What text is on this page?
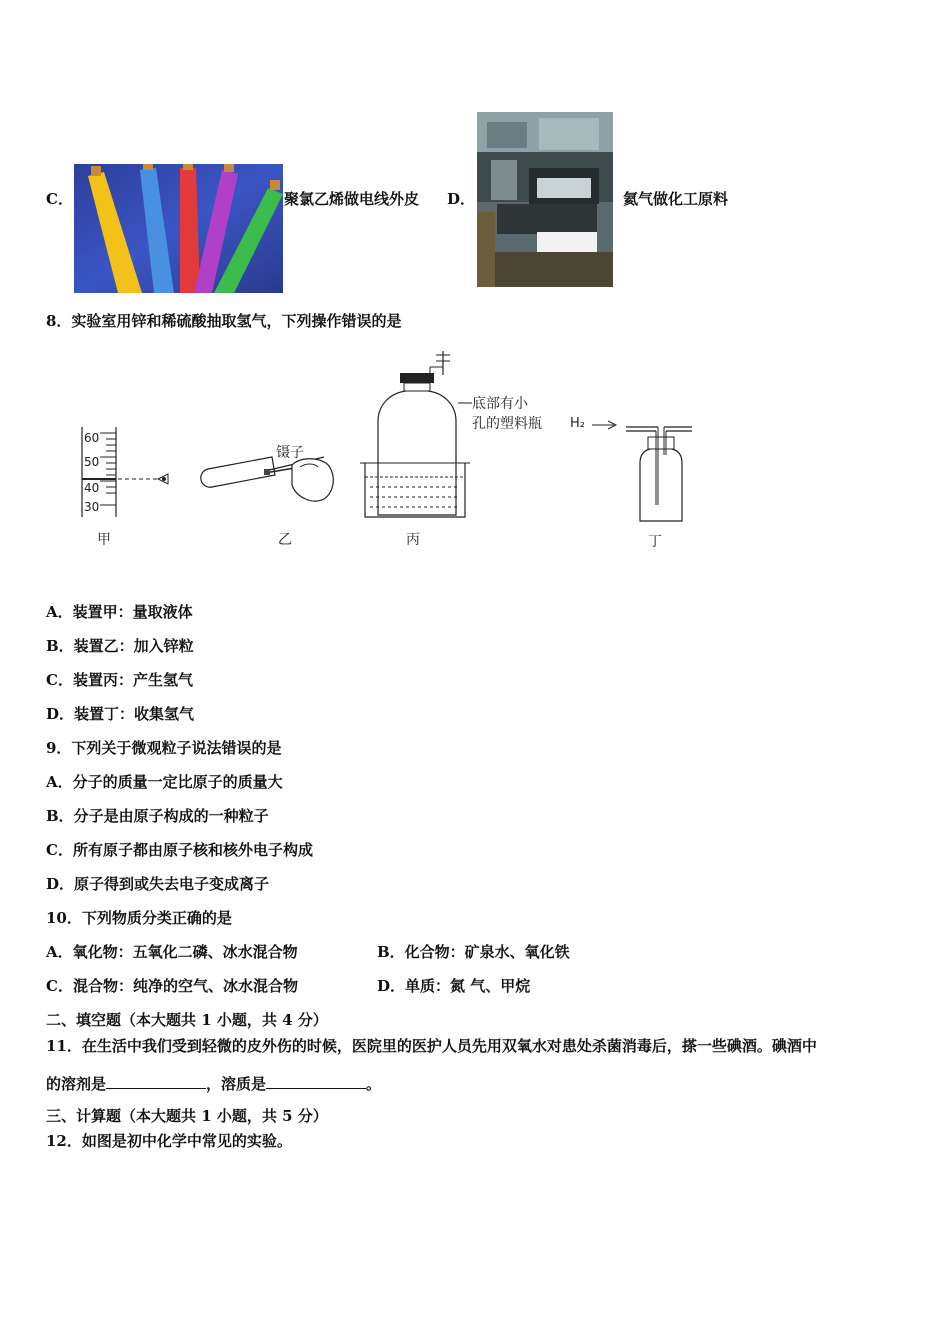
C．	聚氯乙烯做电线外皮 D．	氦气做化工原料
8．实验室用锌和稀硫酸抽取氢气，下列操作错误的是
60
50
40
30
镊子
底部有小
孔的塑料瓶 H₂
甲	乙	丙	丁
A．装置甲：量取液体
B．装置乙：加入锌粒
C．装置丙：产生氢气
D．装置丁：收集氢气
9．下列关于微观粒子说法错误的是
A．分子的质量一定比原子的质量大
B．分子是由原子构成的一种粒子
C．所有原子都由原子核和核外电子构成
D．原子得到或失去电子变成离子
10．下列物质分类正确的是
A．氧化物：五氧化二磷、冰水混合物	B．化合物：矿泉水、氧化铁
C．混合物：纯净的空气、冰水混合物	D．单质：氮 气、甲烷
二、填空题（本大题共 1 小题，共 4 分）
11．在生活中我们受到轻微的皮外伤的时候，医院里的医护人员先用双氧水对患处杀菌消毒后，搽一些碘酒。碘酒中
的溶剂是	，溶质是	。
三、计算题（本大题共 1 小题，共 5 分）
12．如图是初中化学中常见的实验。
